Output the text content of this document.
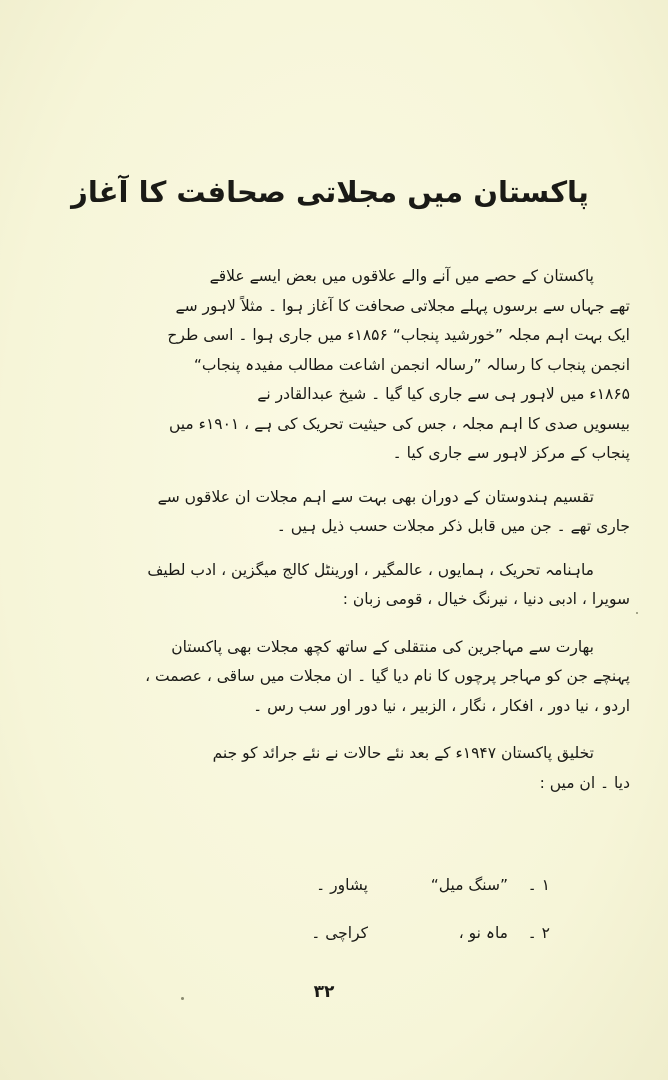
پاکستان میں مجلاتی صحافت کا آغاز
پاکستان کے حصے میں آنے والے علاقوں میں بعض ایسے علاقے
تھے جہاں سے برسوں پہلے مجلاتی صحافت کا آغاز ہوا ۔ مثلاً لاہور سے
ایک بہت اہم مجلہ ”خورشید پنجاب“ ۱۸۵۶ء میں جاری ہوا ۔ اسی طرح
انجمن پنجاب کا رسالہ ”رسالہ انجمن اشاعت مطالب مفیدہ پنجاب“
۱۸۶۵ء میں لاہور ہی سے جاری کیا گیا ۔ شیخ عبدالقادر نے
بیسویں صدی کا اہم مجلہ ، جس کی حیثیت تحریک کی ہے ، ۱۹۰۱ء میں
پنجاب کے مرکز لاہور سے جاری کیا ۔
تقسیم ہندوستان کے دوران بھی بہت سے اہم مجلات ان علاقوں سے
جاری تھے ۔ جن میں قابل ذکر مجلات حسب ذیل ہیں ۔
ماہنامہ تحریک ، ہمایوں ، عالمگیر ، اورینٹل کالج میگزین ، ادب لطیف
سویرا ، ادبی دنیا ، نیرنگ خیال ، قومی زبان :
بھارت سے مہاجرین کی منتقلی کے ساتھ کچھ مجلات بھی پاکستان
پہنچے جن کو مہاجر پرچوں کا نام دیا گیا ۔ ان مجلات میں ساقی ، عصمت ،
اردو ، نیا دور ، افکار ، نگار ، الزبیر ، نیا دور اور سب رس ۔
تخلیق پاکستان ۱۹۴۷ء کے بعد نئے حالات نے نئے جرائد کو جنم
دیا ۔ ان میں :
۱ ۔
”سنگ میل“
پشاور ۔
۲ ۔
ماہ نو ،
کراچی ۔
۳۲
